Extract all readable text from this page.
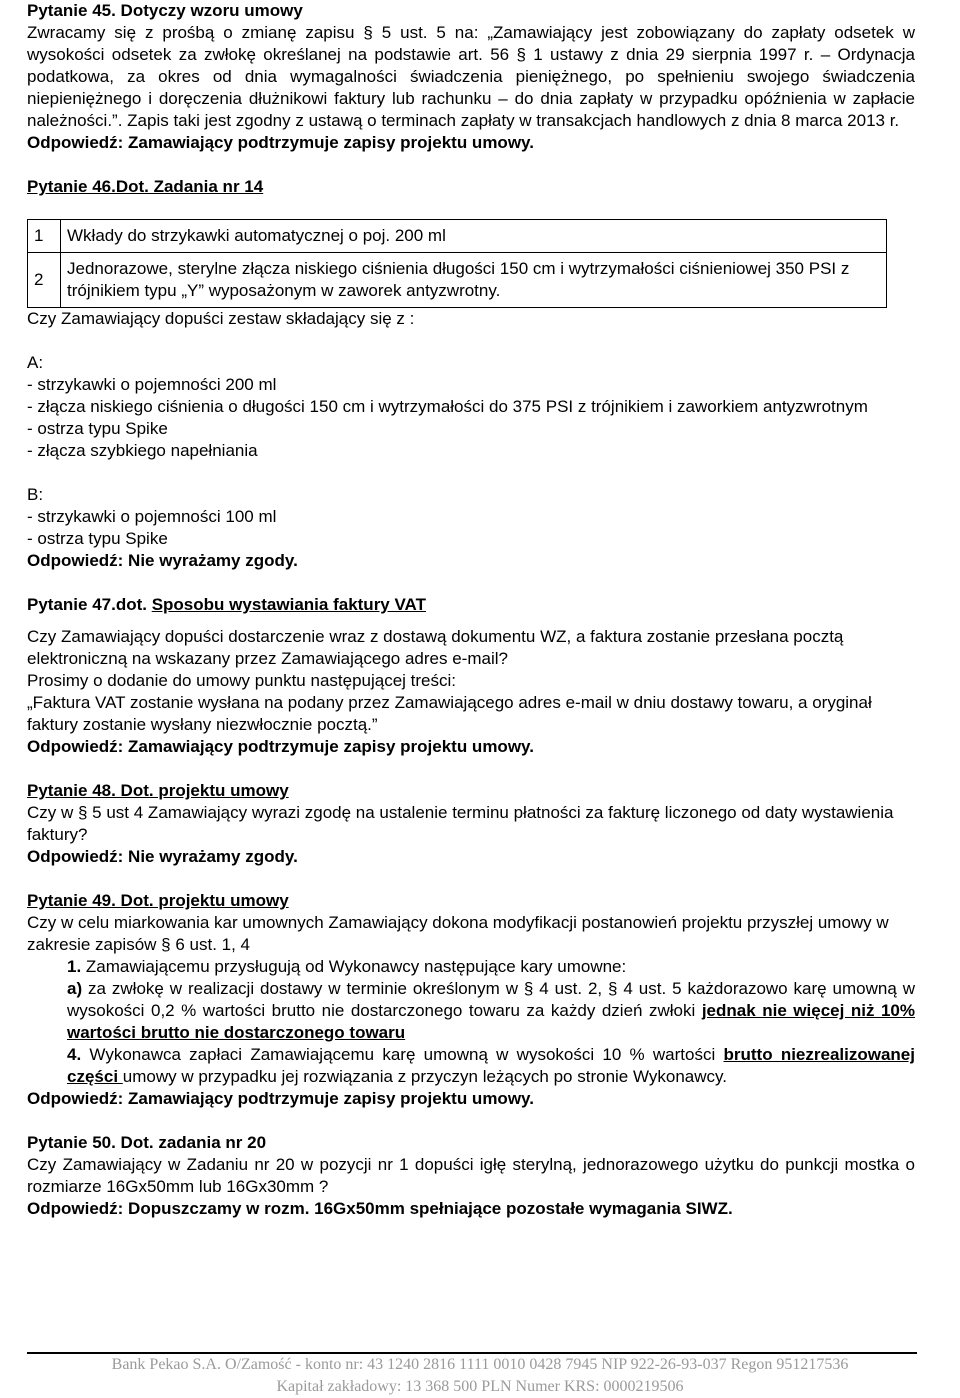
Pytanie 45. Dotyczy wzoru umowy

Zwracamy się z prośbą o zmianę zapisu § 5 ust. 5 na: „Zamawiający jest zobowiązany do zapłaty odsetek w wysokości odsetek za zwłokę określanej na podstawie art. 56 § 1 ustawy z dnia 29 sierpnia 1997 r. – Ordynacja podatkowa, za okres od dnia wymagalności świadczenia pieniężnego, po spełnieniu swojego świadczenia niepieniężnego i doręczenia dłużnikowi faktury lub rachunku – do dnia zapłaty w przypadku opóźnienia w zapłacie należności.”. Zapis taki jest zgodny z ustawą o terminach zapłaty w transakcjach handlowych z dnia 8 marca 2013 r.

Odpowiedź: Zamawiający podtrzymuje zapisy projektu umowy.

Pytanie 46.Dot. Zadania nr 14

1	Wkłady do strzykawki automatycznej o poj. 200 ml
2	Jednorazowe, sterylne złącza niskiego ciśnienia długości 150 cm i wytrzymałości ciśnieniowej 350 PSI z trójnikiem typu „Y” wyposażonym w zaworek antyzwrotny.

Czy Zamawiający dopuści zestaw składający się z :

A:

- strzykawki o pojemności 200 ml

- złącza niskiego ciśnienia o długości 150 cm i wytrzymałości do 375 PSI z trójnikiem i zaworkiem antyzwrotnym

- ostrza typu Spike

- złącza szybkiego napełniania

B:

- strzykawki o pojemności 100 ml

- ostrza typu Spike

Odpowiedź: Nie wyrażamy zgody.

Pytanie 47.dot. Sposobu wystawiania faktury VAT

Czy Zamawiający dopuści dostarczenie wraz z dostawą dokumentu WZ, a faktura zostanie przesłana pocztą elektroniczną na wskazany przez Zamawiającego adres e-mail?

Prosimy o dodanie do umowy punktu następującej treści:

„Faktura VAT zostanie wysłana na podany przez Zamawiającego adres e-mail w dniu dostawy towaru, a oryginał faktury zostanie wysłany niezwłocznie pocztą.”

Odpowiedź: Zamawiający podtrzymuje zapisy projektu umowy.

Pytanie 48. Dot. projektu umowy

Czy w § 5 ust 4 Zamawiający wyrazi zgodę na ustalenie terminu płatności za fakturę liczonego od daty wystawienia faktury?

Odpowiedź: Nie wyrażamy zgody.

Pytanie 49. Dot. projektu umowy

Czy w celu miarkowania kar umownych Zamawiający dokona modyfikacji postanowień projektu przyszłej umowy w zakresie zapisów § 6 ust. 1, 4

1. Zamawiającemu przysługują od Wykonawcy następujące kary umowne:

a) za zwłokę w realizacji dostawy w terminie określonym w § 4 ust. 2, § 4 ust. 5 każdorazowo karę umowną w wysokości 0,2 % wartości brutto nie dostarczonego towaru za każdy dzień zwłoki jednak nie więcej niż 10% wartości brutto nie dostarczonego towaru

4. Wykonawca zapłaci Zamawiającemu karę umowną w wysokości 10 % wartości brutto niezrealizowanej części umowy w przypadku jej rozwiązania z przyczyn leżących po stronie Wykonawcy.

Odpowiedź: Zamawiający podtrzymuje zapisy projektu umowy.

Pytanie 50. Dot. zadania nr 20

Czy Zamawiający w Zadaniu nr 20 w pozycji nr 1 dopuści igłę sterylną, jednorazowego użytku do punkcji mostka o rozmiarze 16Gx50mm lub 16Gx30mm ?

Odpowiedź: Dopuszczamy w rozm. 16Gx50mm spełniające pozostałe wymagania SIWZ.

Bank Pekao S.A. O/Zamość - konto nr: 43 1240 2816 1111 0010 0428 7945 NIP 922-26-93-037 Regon 951217536
Kapitał zakładowy: 13 368 500 PLN Numer KRS: 0000219506
